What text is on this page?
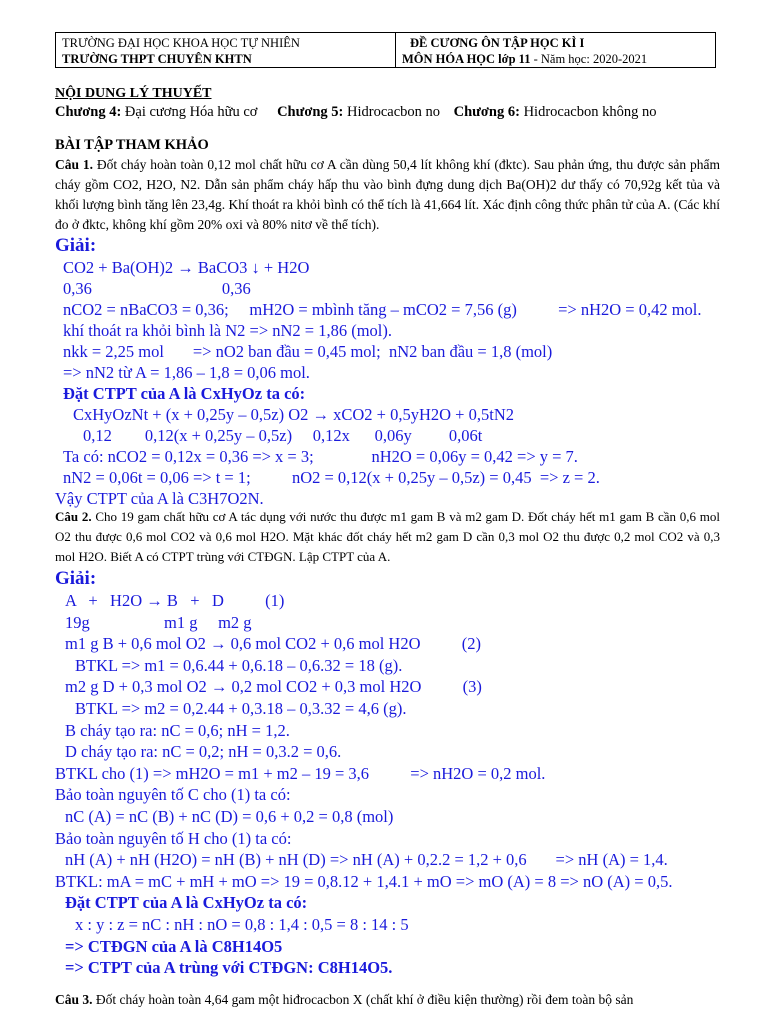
TRƯỜNG ĐẠI HỌC KHOA HỌC TỰ NHIÊN
TRƯỜNG THPT CHUYÊN KHTN
ĐỀ CƯƠNG ÔN TẬP HỌC KÌ I
MÔN HÓA HỌC lớp 11 - Năm học: 2020-2021

NỘI DUNG LÝ THUYẾT

Chương 4: Đại cương Hóa hữu cơ Chương 5: Hidrocacbon no Chương 6: Hidrocacbon không no

BÀI TẬP THAM KHẢO

Câu 1. Đốt cháy hoàn toàn 0,12 mol chất hữu cơ A cần dùng 50,4 lít không khí (đktc). Sau phản ứng, thu được sản phẩm cháy gồm CO2, H2O, N2. Dẫn sản phẩm cháy hấp thu vào bình đựng dung dịch Ba(OH)2 dư thấy có 70,92g kết tủa và khối lượng bình tăng lên 23,4g. Khí thoát ra khỏi bình có thể tích là 41,664 lít. Xác định công thức phân tử của A. (Các khí đo ở đktc, không khí gồm 20% oxi và 80% nitơ về thể tích).

Giải:
CO2 + Ba(OH)2 → BaCO3 ↓ + H2O
0,36	0,36
nCO2 = nBaCO3 = 0,36;     mH2O = mbình tăng – mCO2 = 7,56 (g)          => nH2O = 0,42 mol.
khí thoát ra khỏi bình là N2 => nN2 = 1,86 (mol).
nkk = 2,25 mol       => nO2 ban đầu = 0,45 mol;  nN2 ban đầu = 1,8 (mol)
=> nN2 từ A = 1,86 – 1,8 = 0,06 mol.
Đặt CTPT của A là CxHyOz ta có:
CxHyOzNt + (x + 0,25y – 0,5z) O2 → xCO2 + 0,5yH2O + 0,5tN2
0,12        0,12(x + 0,25y – 0,5z)     0,12x      0,06y         0,06t
Ta có: nCO2 = 0,12x = 0,36 => x = 3;              nH2O = 0,06y = 0,42 => y = 7.
nN2 = 0,06t = 0,06 => t = 1;          nO2 = 0,12(x + 0,25y – 0,5z) = 0,45  => z = 2.
Vậy CTPT của A là C3H7O2N.

Câu 2. Cho 19 gam chất hữu cơ A tác dụng với nước thu được m1 gam B và m2 gam D. Đốt cháy hết m1 gam B cần 0,6 mol O2 thu được 0,6 mol CO2 và 0,6 mol H2O. Mặt khác đốt cháy hết m2 gam D cần 0,3 mol O2 thu được 0,2 mol CO2 và 0,3 mol H2O. Biết A có CTPT trùng với CTĐGN. Lập CTPT của A.

Giải:
A   +   H2O → B   +   D          (1)
19g                  m1 g     m2 g
m1 g B + 0,6 mol O2 → 0,6 mol CO2 + 0,6 mol H2O          (2)
BTKL => m1 = 0,6.44 + 0,6.18 – 0,6.32 = 18 (g).
m2 g D + 0,3 mol O2 → 0,2 mol CO2 + 0,3 mol H2O          (3)
BTKL => m2 = 0,2.44 + 0,3.18 – 0,3.32 = 4,6 (g).
B cháy tạo ra: nC = 0,6; nH = 1,2.
D cháy tạo ra: nC = 0,2; nH = 0,3.2 = 0,6.
BTKL cho (1) => mH2O = m1 + m2 – 19 = 3,6          => nH2O = 0,2 mol.
Bảo toàn nguyên tố C cho (1) ta có:
nC (A) = nC (B) + nC (D) = 0,6 + 0,2 = 0,8 (mol)
Bảo toàn nguyên tố H cho (1) ta có:
nH (A) + nH (H2O) = nH (B) + nH (D) => nH (A) + 0,2.2 = 1,2 + 0,6       => nH (A) = 1,4.
BTKL: mA = mC + mH + mO => 19 = 0,8.12 + 1,4.1 + mO => mO (A) = 8 => nO (A) = 0,5.
Đặt CTPT của A là CxHyOz ta có:
x : y : z = nC : nH : nO = 0,8 : 1,4 : 0,5 = 8 : 14 : 5
=> CTĐGN của A là C8H14O5
=> CTPT của A trùng với CTĐGN: C8H14O5.

Câu 3. Đốt cháy hoàn toàn 4,64 gam một hiđrocacbon X (chất khí ở điều kiện thường) rồi đem toàn bộ sản
